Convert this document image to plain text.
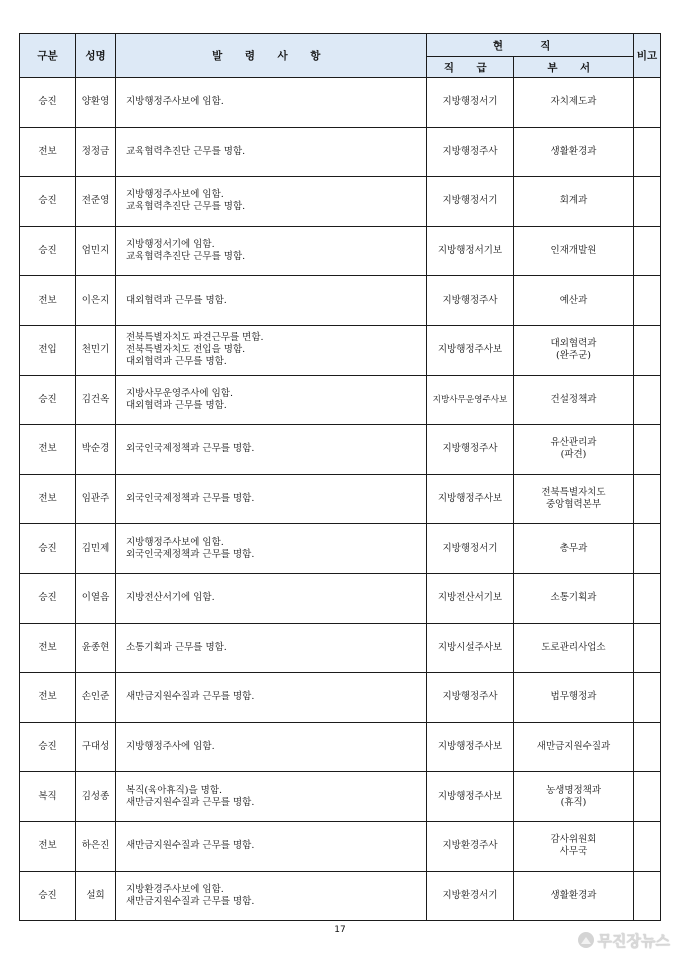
구분	성명	발 령 사 항	현 직		비고
			직 급	부 서	
승진	양환영	지방행정주사보에 임함.	지방행정서기	자치제도과	

전보	정정금	교육협력추진단 근무를 명함.	지방행정주사	생활환경과	

승진	전준영	지방행정주사보에 임함.
교육협력추진단 근무를 명함.	지방행정서기	회계과	

승진	엄민지	지방행정서기에 임함.
교육협력추진단 근무를 명함.	지방행정서기보	인재개발원	

전보	이은지	대외협력과 근무를 명함.	지방행정주사	예산과	

전입	천민기	전북특별자치도 파견근무를 면함.
전북특별자치도 전입을 명함.
대외협력과 근무를 명함.	지방행정주사보	대외협력과
(완주군)	

승진	김건옥	지방사무운영주사에 임함.
대외협력과 근무를 명함.	지방사무운영주사보	건설정책과	

전보	박순경	외국인국제정책과 근무를 명함.	지방행정주사	유산관리과
(파견)	

전보	임관주	외국인국제정책과 근무를 명함.	지방행정주사보	전북특별자치도
중앙협력본부	

승진	김민제	지방행정주사보에 임함.
외국인국제정책과 근무를 명함.	지방행정서기	총무과	

승진	이열음	지방전산서기에 임함.	지방전산서기보	소통기획과	

전보	윤종현	소통기획과 근무를 명함.	지방시설주사보	도로관리사업소	

전보	손인준	새만금지원수질과 근무를 명함.	지방행정주사	법무행정과	

승진	구대성	지방행정주사에 임함.	지방행정주사보	새만금지원수질과	

복직	김성종	복직(육아휴직)을 명함.
새만금지원수질과 근무를 명함.	지방행정주사보	농생명정책과
(휴직)	

전보	하은진	새만금지원수질과 근무를 명함.	지방환경주사	감사위원회
사무국	

승진	설희	지방환경주사보에 임함.
새만금지원수질과 근무를 명함.	지방환경서기	생활환경과	

17
무진장뉴스
